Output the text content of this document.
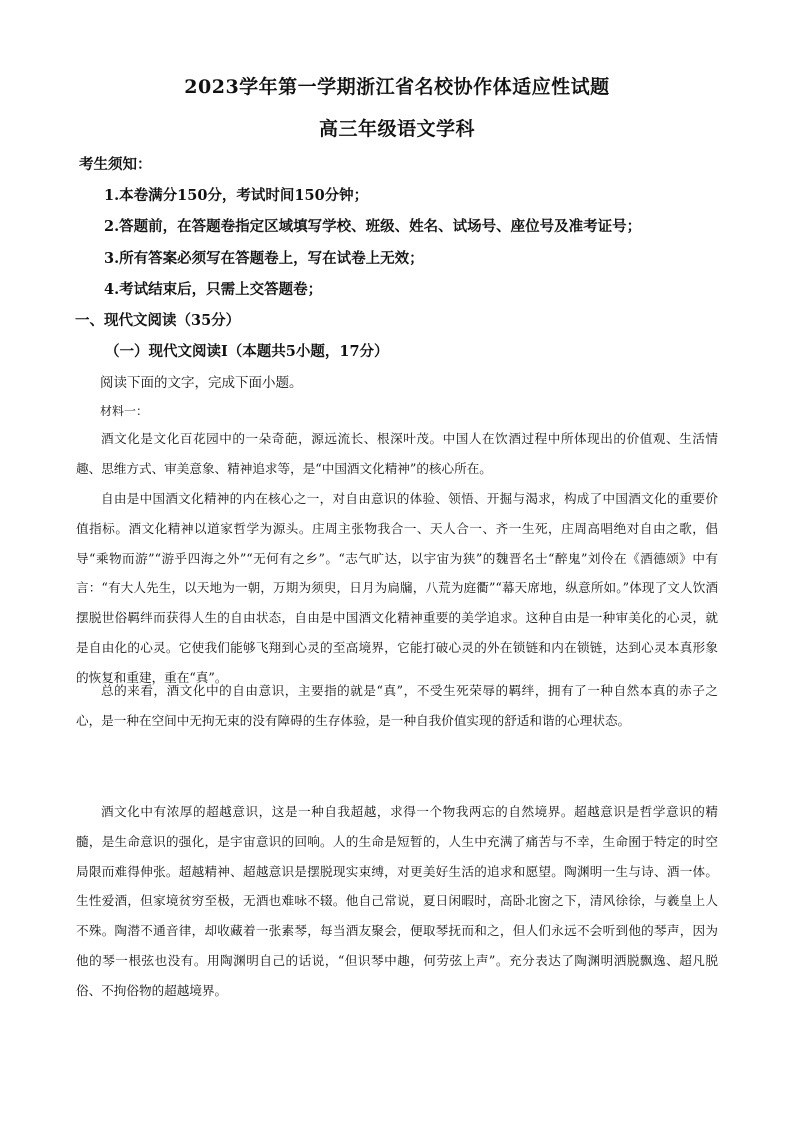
2023学年第一学期浙江省名校协作体适应性试题
高三年级语文学科
考生须知：
1.本卷满分150分，考试时间150分钟；
2.答题前，在答题卷指定区域填写学校、班级、姓名、试场号、座位号及准考证号；
3.所有答案必须写在答题卷上，写在试卷上无效；
4.考试结束后，只需上交答题卷；
一、现代文阅读（35分）
（一）现代文阅读Ⅰ（本题共5小题，17分）
阅读下面的文字，完成下面小题。
材料一：

酒文化是文化百花园中的一朵奇葩，源远流长、根深叶茂。中国人在饮酒过程中所体现出的价值观、生活情趣、思维方式、审美意象、精神追求等，是“中国酒文化精神”的核心所在。

自由是中国酒文化精神的内在核心之一，对自由意识的体验、领悟、开掘与渴求，构成了中国酒文化的重要价值指标。酒文化精神以道家哲学为源头。庄周主张物我合一、天人合一、齐一生死，庄周高唱绝对自由之歌，倡导“乘物而游”“游乎四海之外”“无何有之乡”。“志气旷达，以宇宙为狭”的魏晋名士“醉鬼”刘伶在《酒德颂》中有言：“有大人先生，以天地为一朝，万期为须臾，日月为扃牖，八荒为庭衢”“幕天席地，纵意所如。”体现了文人饮酒摆脱世俗羁绊而获得人生的自由状态，自由是中国酒文化精神重要的美学追求。这种自由是一种审美化的心灵，就是自由化的心灵。它使我们能够飞翔到心灵的至高境界，它能打破心灵的外在锁链和内在锁链，达到心灵本真形象的恢复和重建，重在“真”。

总的来看，酒文化中的自由意识，主要指的就是“真”，不受生死荣辱的羁绊，拥有了一种自然本真的赤子之心，是一种在空间中无拘无束的没有障碍的生存体验，是一种自我价值实现的舒适和谐的心理状态。

酒文化中有浓厚的超越意识，这是一种自我超越，求得一个物我两忘的自然境界。超越意识是哲学意识的精髓，是生命意识的强化，是宇宙意识的回响。人的生命是短暂的，人生中充满了痛苦与不幸，生命囿于特定的时空局限而难得伸张。超越精神、超越意识是摆脱现实束缚，对更美好生活的追求和愿望。陶渊明一生与诗、酒一体。生性爱酒，但家境贫穷至极，无酒也难咏不辍。他自己常说，夏日闲暇时，高卧北窗之下，清风徐徐，与羲皇上人不殊。陶潜不通音律，却收藏着一张素琴，每当酒友聚会，便取琴抚而和之，但人们永远不会听到他的琴声，因为他的琴一根弦也没有。用陶渊明自己的话说，“但识琴中趣，何劳弦上声”。充分表达了陶渊明洒脱飘逸、超凡脱俗、不拘俗物的超越境界。
